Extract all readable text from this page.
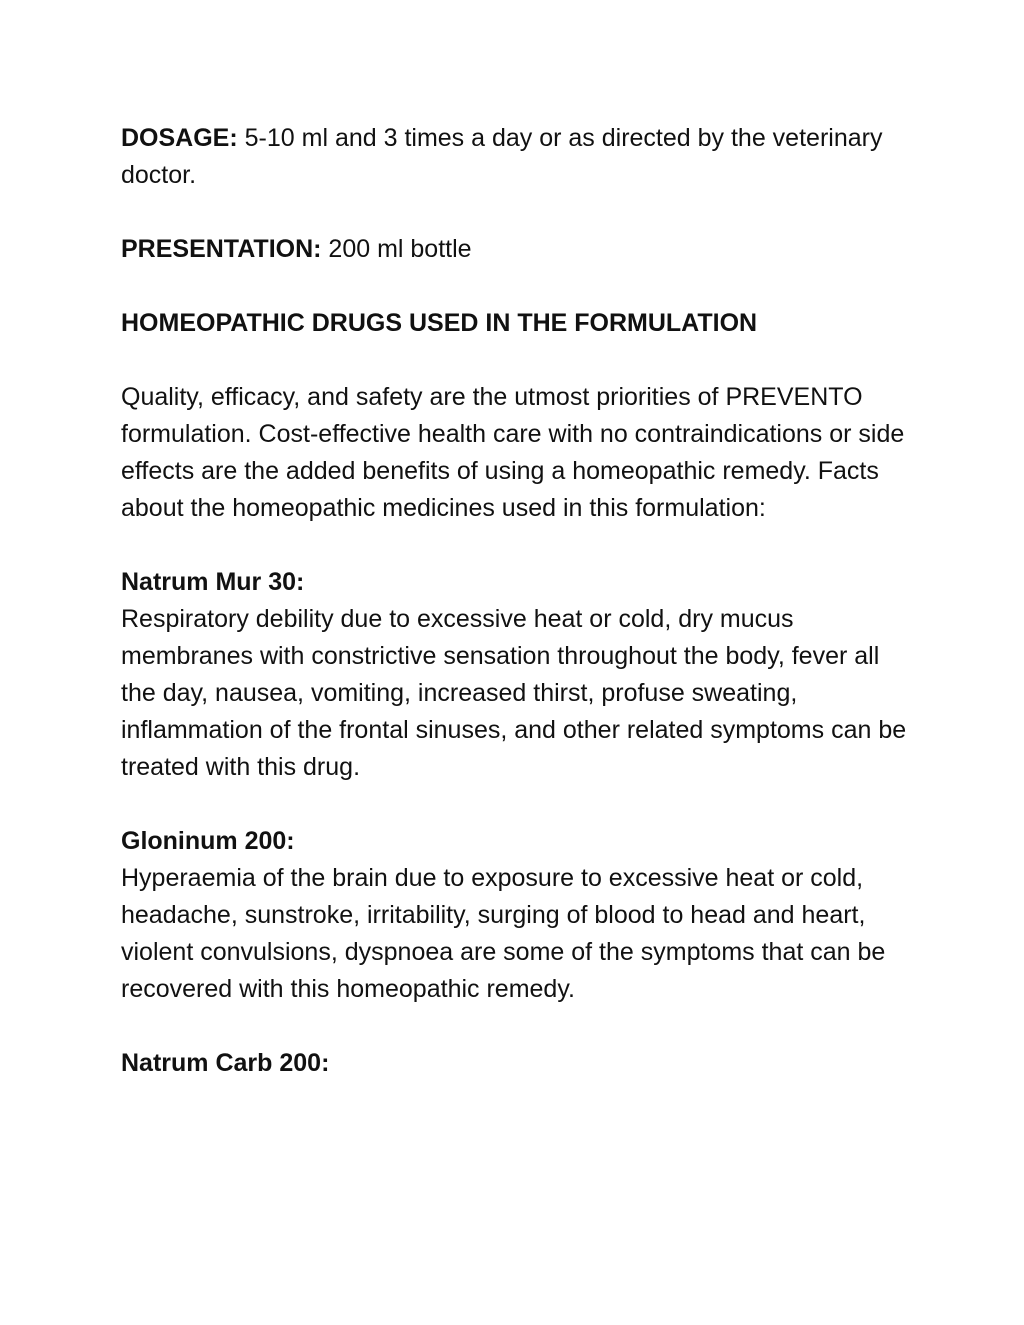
DOSAGE: 5-10 ml and 3 times a day or as directed by the veterinary doctor.

PRESENTATION: 200 ml bottle

HOMEOPATHIC DRUGS USED IN THE FORMULATION

Quality, efficacy, and safety are the utmost priorities of PREVENTO formulation. Cost-effective health care with no contraindications or side effects are the added benefits of using a homeopathic remedy. Facts about the homeopathic medicines used in this formulation:

Natrum Mur 30:
Respiratory debility due to excessive heat or cold, dry mucus membranes with constrictive sensation throughout the body, fever all the day, nausea, vomiting, increased thirst, profuse sweating, inflammation of the frontal sinuses, and other related symptoms can be treated with this drug.
Gloninum 200:
Hyperaemia of the brain due to exposure to excessive heat or cold, headache, sunstroke, irritability, surging of blood to head and heart, violent convulsions, dyspnoea are some of the symptoms that can be recovered with this homeopathic remedy.
Natrum Carb 200:
